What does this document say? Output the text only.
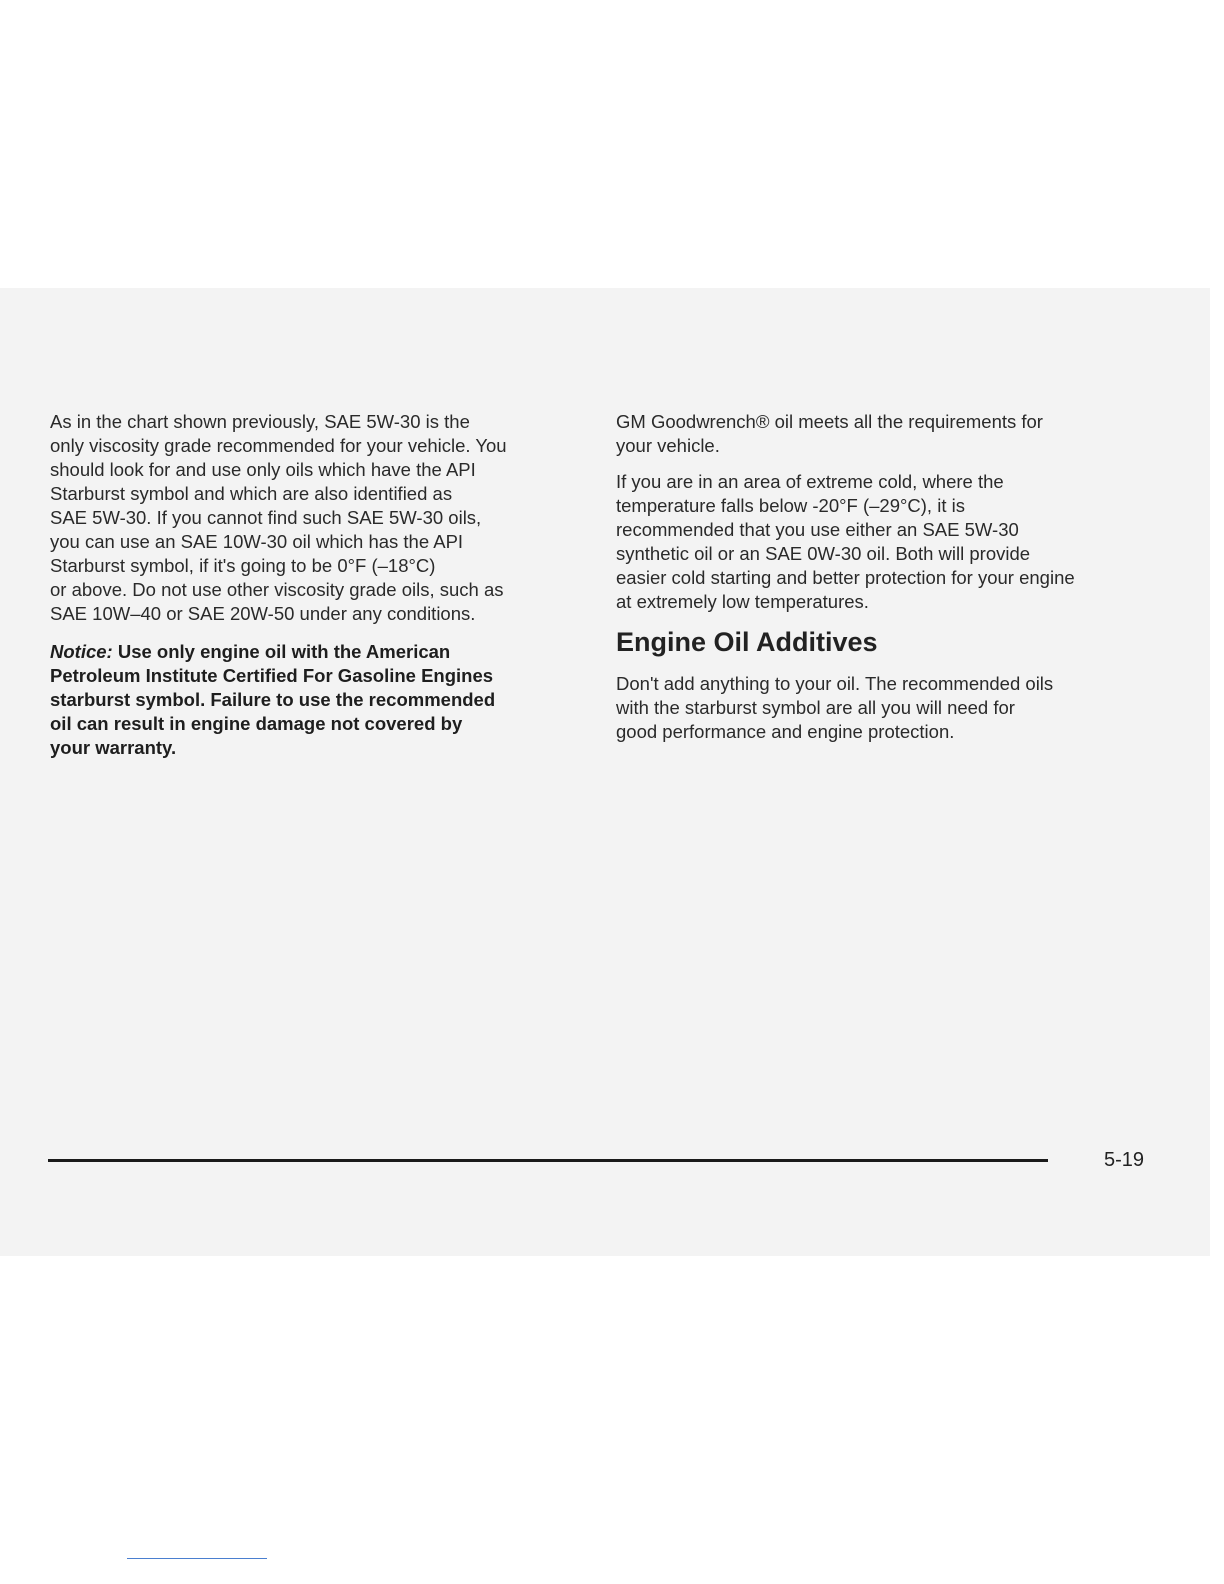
As in the chart shown previously, SAE 5W-30 is the
only viscosity grade recommended for your vehicle. You
should look for and use only oils which have the API
Starburst symbol and which are also identified as
SAE 5W-30. If you cannot find such SAE 5W-30 oils,
you can use an SAE 10W-30 oil which has the API
Starburst symbol, if it's going to be 0°F (–18°C)
or above. Do not use other viscosity grade oils, such as
SAE 10W–40 or SAE 20W-50 under any conditions.

Notice: Use only engine oil with the American
Petroleum Institute Certified For Gasoline Engines
starburst symbol. Failure to use the recommended
oil can result in engine damage not covered by
your warranty.

GM Goodwrench® oil meets all the requirements for
your vehicle.

If you are in an area of extreme cold, where the
temperature falls below -20°F (–29°C), it is
recommended that you use either an SAE 5W-30
synthetic oil or an SAE 0W-30 oil. Both will provide
easier cold starting and better protection for your engine
at extremely low temperatures.

Engine Oil Additives

Don't add anything to your oil. The recommended oils
with the starburst symbol are all you will need for
good performance and engine protection.

5-19
